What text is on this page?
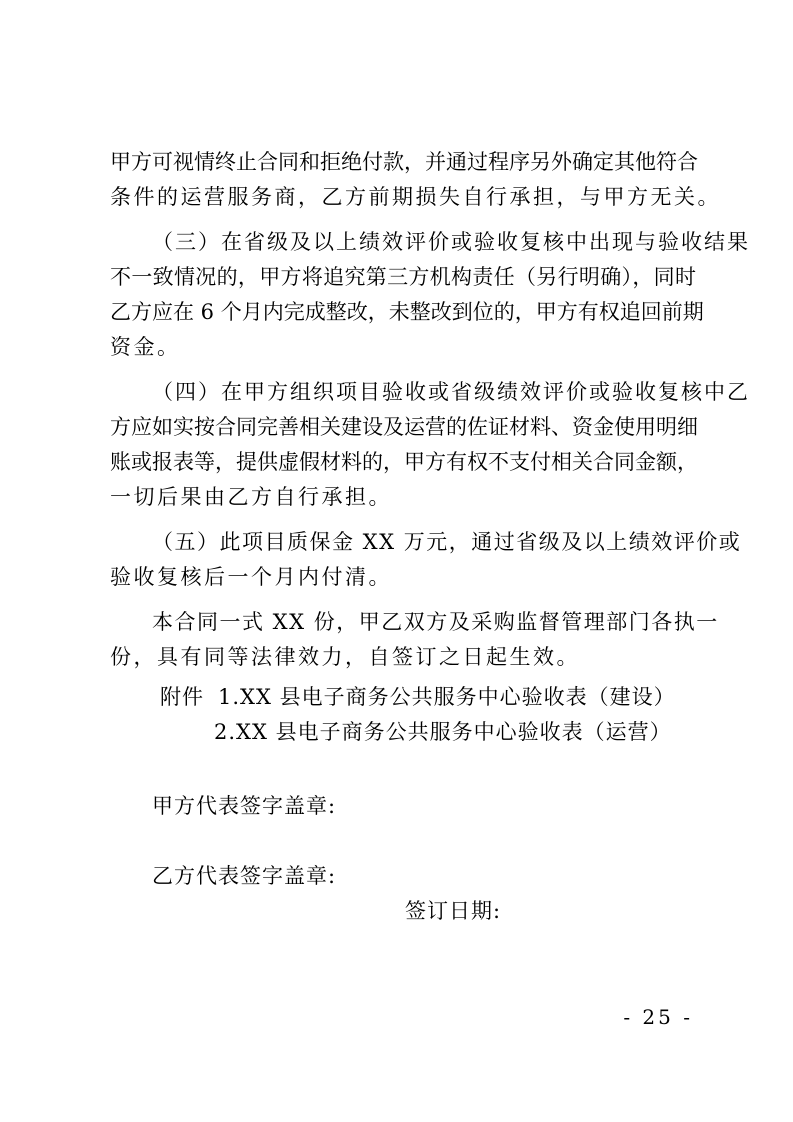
甲方可视情终止合同和拒绝付款，并通过程序另外确定其他符合
条件的运营服务商，乙方前期损失自行承担，与甲方无关。
（三）在省级及以上绩效评价或验收复核中出现与验收结果
不一致情况的，甲方将追究第三方机构责任（另行明确），同时
乙方应在 6 个月内完成整改，未整改到位的，甲方有权追回前期
资金。
（四）在甲方组织项目验收或省级绩效评价或验收复核中乙
方应如实按合同完善相关建设及运营的佐证材料、资金使用明细
账或报表等，提供虚假材料的，甲方有权不支付相关合同金额，
一切后果由乙方自行承担。
（五）此项目质保金 XX 万元，通过省级及以上绩效评价或
验收复核后一个月内付清。
本合同一式 XX 份，甲乙双方及采购监督管理部门各执一
份，具有同等法律效力，自签订之日起生效。
附件 1.XX 县电子商务公共服务中心验收表（建设）
2.XX 县电子商务公共服务中心验收表（运营）
甲方代表签字盖章:
乙方代表签字盖章:
签订日期:
- 25 -
